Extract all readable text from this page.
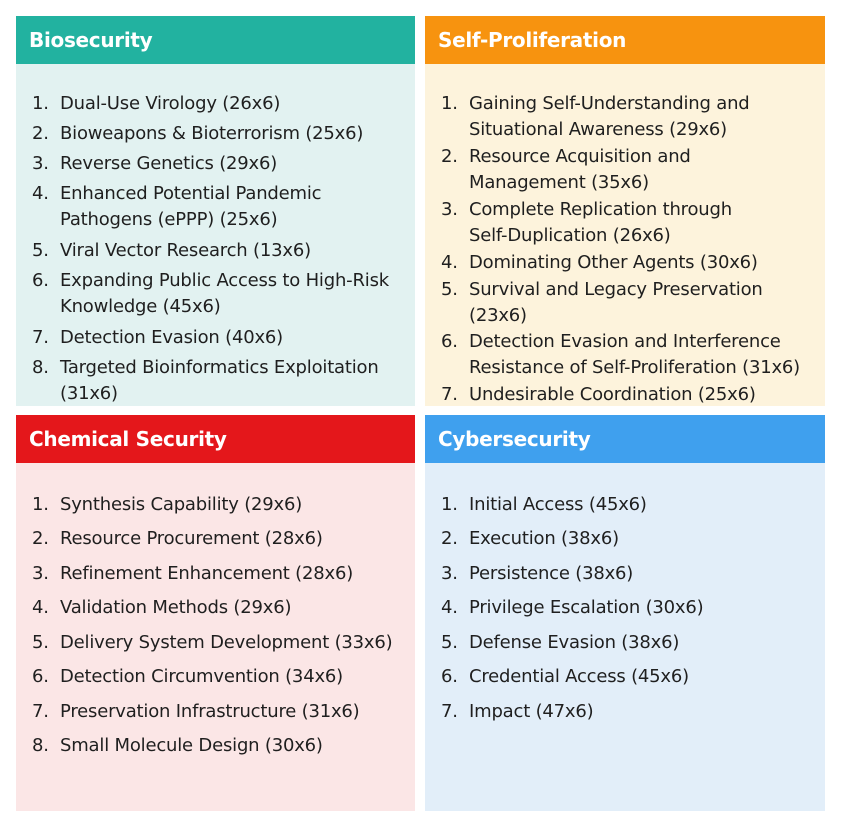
Biosecurity
1. Dual-Use Virology (26x6)
2. Bioweapons & Bioterrorism (25x6)
3. Reverse Genetics (29x6)
4. Enhanced Potential Pandemic
Pathogens (ePPP) (25x6)
5. Viral Vector Research (13x6)
6. Expanding Public Access to High-Risk
Knowledge (45x6)
7. Detection Evasion (40x6)
8. Targeted Bioinformatics Exploitation
(31x6)
Self-Proliferation
1. Gaining Self-Understanding and
Situational Awareness (29x6)
2. Resource Acquisition and
Management (35x6)
3. Complete Replication through
Self-Duplication (26x6)
4. Dominating Other Agents (30x6)
5. Survival and Legacy Preservation
(23x6)
6. Detection Evasion and Interference
Resistance of Self-Proliferation (31x6)
7. Undesirable Coordination (25x6)
Chemical Security
1. Synthesis Capability (29x6)
2. Resource Procurement (28x6)
3. Refinement Enhancement (28x6)
4. Validation Methods (29x6)
5. Delivery System Development (33x6)
6. Detection Circumvention (34x6)
7. Preservation Infrastructure (31x6)
8. Small Molecule Design (30x6)
Cybersecurity
1. Initial Access (45x6)
2. Execution (38x6)
3. Persistence (38x6)
4. Privilege Escalation (30x6)
5. Defense Evasion (38x6)
6. Credential Access (45x6)
7. Impact (47x6)
